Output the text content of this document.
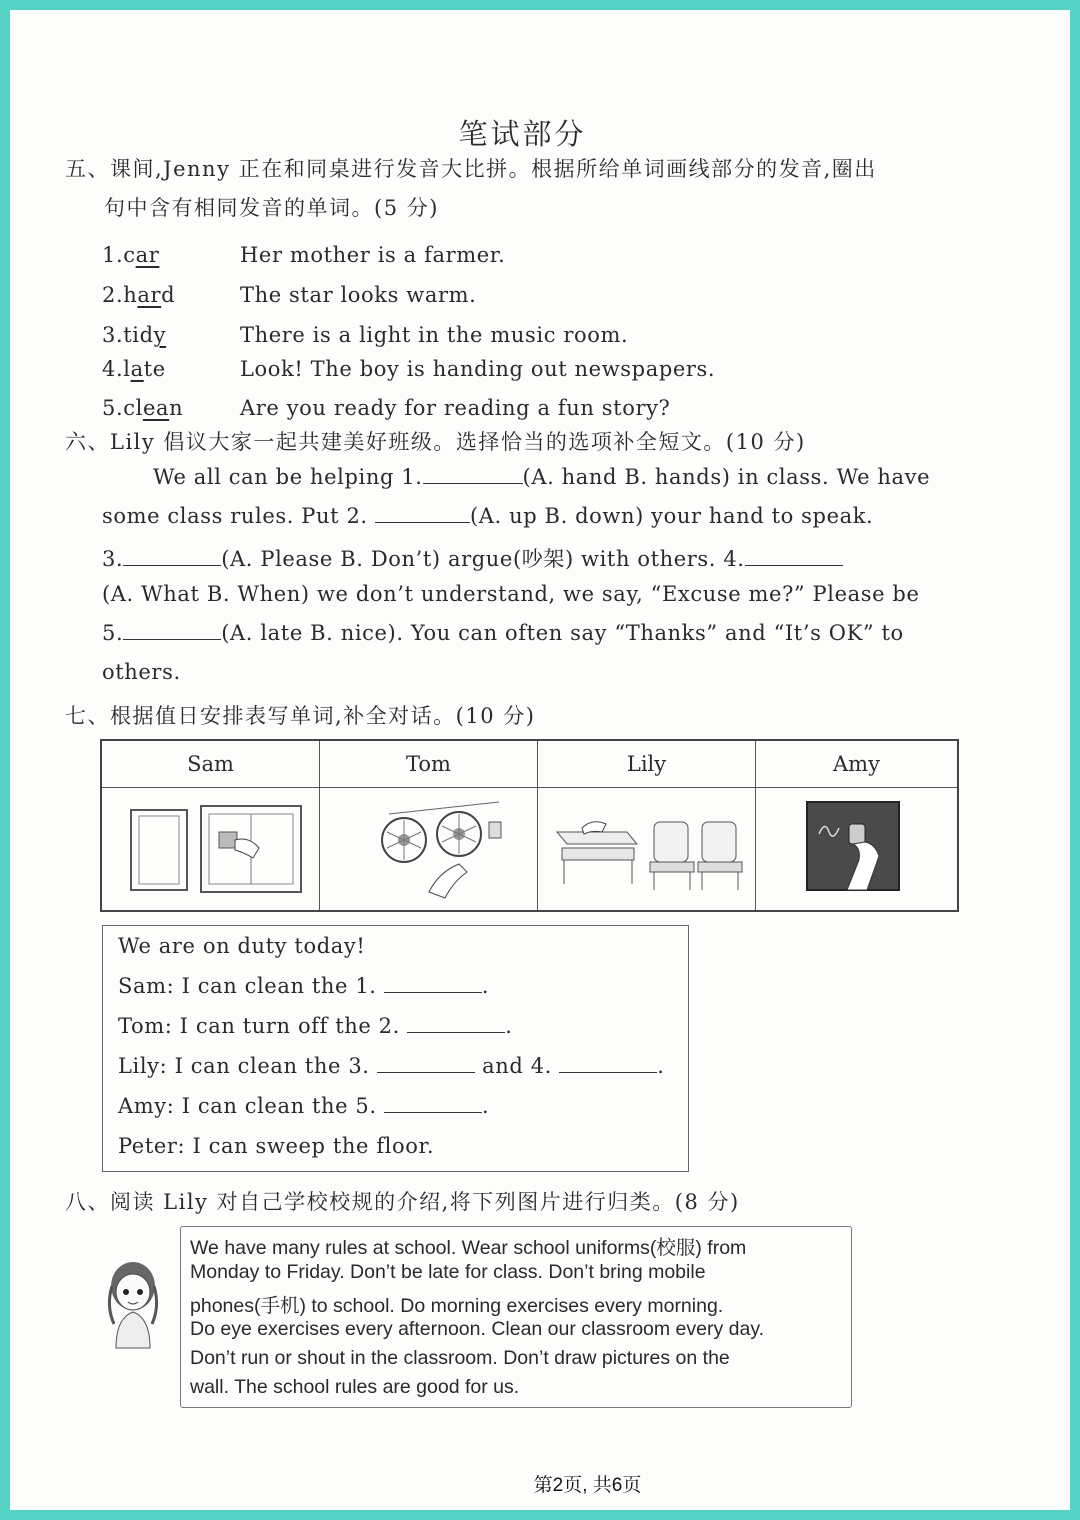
笔试部分
五、课间,Jenny 正在和同桌进行发音大比拼。根据所给单词画线部分的发音,圈出
句中含有相同发音的单词。(5 分)
1.car	Her mother is a farmer.
2.hard	The star looks warm.
3.tidy	There is a light in the music room.
4.late	Look! The boy is handing out newspapers.
5.clean	Are you ready for reading a fun story?
六、Lily 倡议大家一起共建美好班级。选择恰当的选项补全短文。(10 分)
We all can be helping 1.	(A. hand B. hands) in class. We have
some class rules. Put 2.	(A. up B. down) your hand to speak.
3.	(A. Please B. Don’t) argue(吵架) with others. 4.
(A. What B. When) we don’t understand, we say, “Excuse me?” Please be
5.	(A. late B. nice). You can often say “Thanks” and “It’s OK” to
others.
七、根据值日安排表写单词,补全对话。(10 分)
Sam	Tom	Lily	Amy

We are on duty today!
Sam: I can clean the 1.	.
Tom: I can turn off the 2.	.
Lily: I can clean the 3.	and 4.	.
Amy: I can clean the 5.	.
Peter: I can sweep the floor.
八、阅读 Lily 对自己学校校规的介绍,将下列图片进行归类。(8 分)
We have many rules at school. Wear school uniforms(校服) from
Monday to Friday. Don’t be late for class. Don’t bring mobile
phones(手机) to school. Do morning exercises every morning.
Do eye exercises every afternoon. Clean our classroom every day.
Don’t run or shout in the classroom. Don’t draw pictures on the
wall. The school rules are good for us.
第2页, 共6页
